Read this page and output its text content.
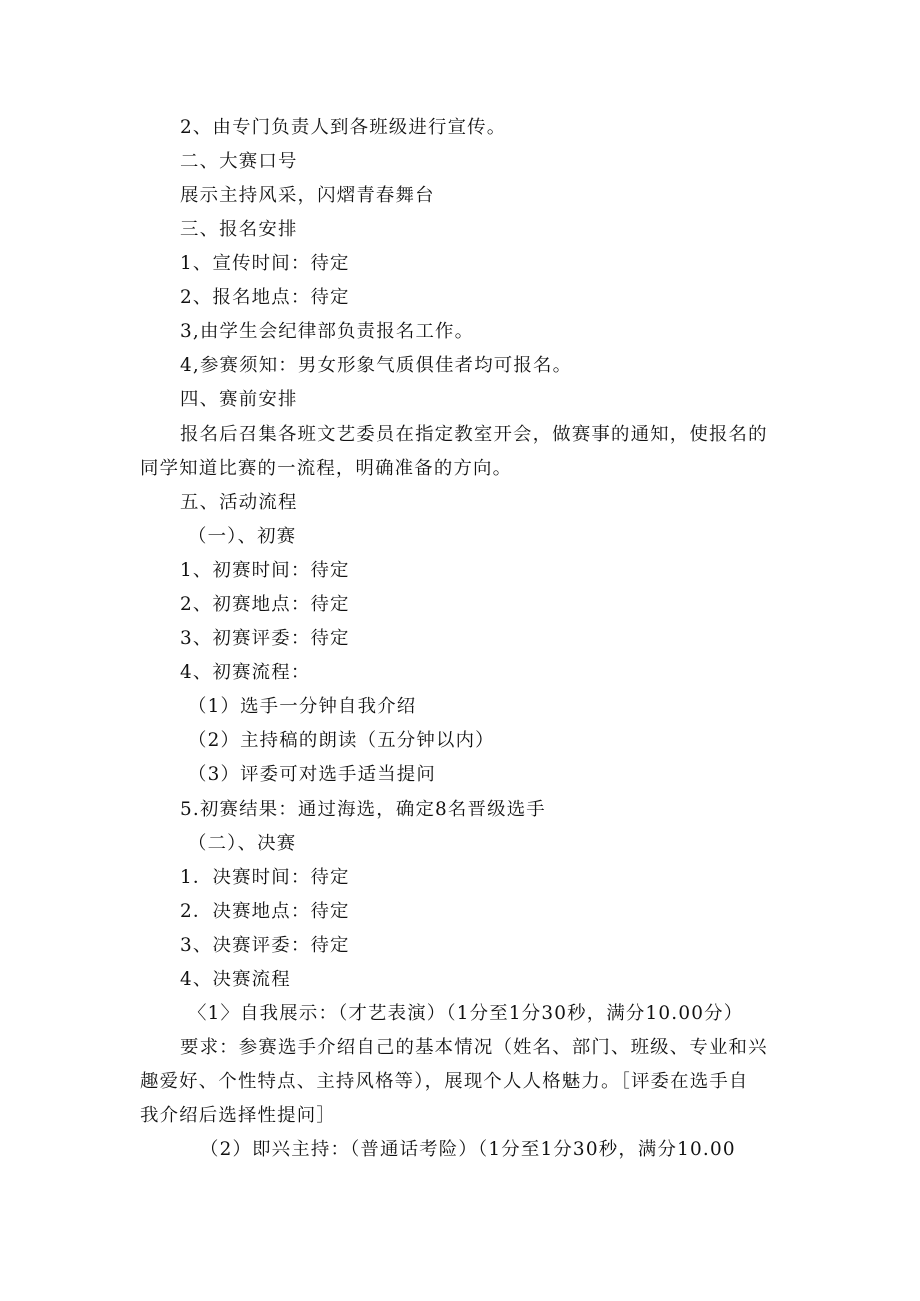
2、由专门负责人到各班级进行宣传。
二、大赛口号
展示主持风采，闪熠青春舞台
三、报名安排
1、宣传时间：待定
2、报名地点：待定
3,由学生会纪律部负责报名工作。
4,参赛须知：男女形象气质俱佳者均可报名。
四、赛前安排
报名后召集各班文艺委员在指定教室开会，做赛事的通知，使报名的
同学知道比赛的一流程，明确准备的方向。
五、活动流程
（一）、初赛
1、初赛时间：待定
2、初赛地点：待定
3、初赛评委：待定
4、初赛流程：
（1）选手一分钟自我介绍
（2）主持稿的朗读（五分钟以内）
（3）评委可对选手适当提问
5.初赛结果：通过海选，确定8名晋级选手
（二）、决赛
1．决赛时间：待定
2．决赛地点：待定
3、决赛评委：待定
4、决赛流程
〈1〉自我展示：（才艺表演）（1分至1分30秒，满分10.00分）
要求：参赛选手介绍自己的基本情况（姓名、部门、班级、专业和兴
趣爱好、个性特点、主持风格等），展现个人人格魅力。［评委在选手自
我介绍后选择性提问］
（2）即兴主持：（普通话考险）（1分至1分30秒，满分10.00
